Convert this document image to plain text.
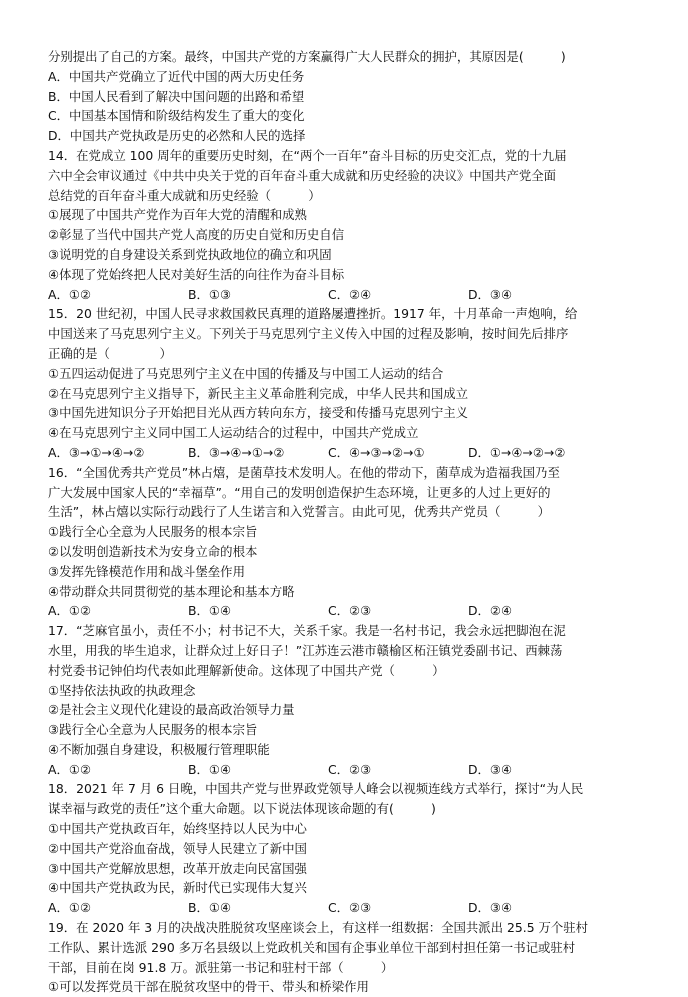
分别提出了自己的方案。最终，中国共产党的方案赢得广大人民群众的拥护，其原因是(　　　)
A．中国共产党确立了近代中国的两大历史任务
B．中国人民看到了解决中国问题的出路和希望
C．中国基本国情和阶级结构发生了重大的变化
D．中国共产党执政是历史的必然和人民的选择
14．在党成立 100 周年的重要历史时刻，在“两个一百年”奋斗目标的历史交汇点，党的十九届
六中全会审议通过《中共中央关于党的百年奋斗重大成就和历史经验的决议》中国共产党全面
总结党的百年奋斗重大成就和历史经验（　　　）
①展现了中国共产党作为百年大党的清醒和成熟
②彰显了当代中国共产党人高度的历史自觉和历史自信
③说明党的自身建设关系到党执政地位的确立和巩固
④体现了党始终把人民对美好生活的向往作为奋斗目标
A．①②	B．①③	C．②④	D．③④
15．20 世纪初，中国人民寻求救国救民真理的道路屡遭挫折。1917 年，十月革命一声炮响，给
中国送来了马克思列宁主义。下列关于马克思列宁主义传入中国的过程及影响，按时间先后排序
正确的是（　　　　）
①五四运动促进了马克思列宁主义在中国的传播及与中国工人运动的结合
②在马克思列宁主义指导下，新民主主义革命胜利完成，中华人民共和国成立
③中国先进知识分子开始把目光从西方转向东方，接受和传播马克思列宁主义
④在马克思列宁主义同中国工人运动结合的过程中，中国共产党成立
A．③→①→④→②	B．③→④→①→②	C．④→③→②→①	D．①→④→②→②
16．“全国优秀共产党员”林占熺，是菌草技术发明人。在他的带动下，菌草成为造福我国乃至
广大发展中国家人民的“幸福草”。“用自己的发明创造保护生态环境，让更多的人过上更好的
生活”，林占熺以实际行动践行了人生诺言和入党誓言。由此可见，优秀共产党员（　　　）
①践行全心全意为人民服务的根本宗旨
②以发明创造新技术为安身立命的根本
③发挥先锋模范作用和战斗堡垒作用
④带动群众共同贯彻党的基本理论和基本方略
A．①②	B．①④	C．②③	D．②④
17．“芝麻官虽小，责任不小；村书记不大，关系千家。我是一名村书记，我会永远把脚泡在泥
水里，用我的毕生追求，让群众过上好日子！”江苏连云港市赣榆区柘汪镇党委副书记、西棘荡
村党委书记钟伯均代表如此理解新使命。这体现了中国共产党（　　　）
①坚持依法执政的执政理念
②是社会主义现代化建设的最高政治领导力量
③践行全心全意为人民服务的根本宗旨
④不断加强自身建设，积极履行管理职能
A．①②	B．①④	C．②③	D．③④
18．2021 年 7 月 6 日晚，中国共产党与世界政党领导人峰会以视频连线方式举行，探讨“为人民
谋幸福与政党的责任”这个重大命题。以下说法体现该命题的有(　　　)
①中国共产党执政百年，始终坚持以人民为中心
②中国共产党浴血奋战，领导人民建立了新中国
③中国共产党解放思想，改革开放走向民富国强
④中国共产党执政为民，新时代已实现伟大复兴
A．①②	B．①④	C．②③	D．③④
19．在 2020 年 3 月的决战决胜脱贫攻坚座谈会上，有这样一组数据：全国共派出 25.5 万个驻村
工作队、累计选派 290 多万名县级以上党政机关和国有企事业单位干部到村担任第一书记或驻村
干部，目前在岗 91.8 万。派驻第一书记和驻村干部（　　　）
①可以发挥党员干部在脱贫攻坚中的骨干、带头和桥梁作用
